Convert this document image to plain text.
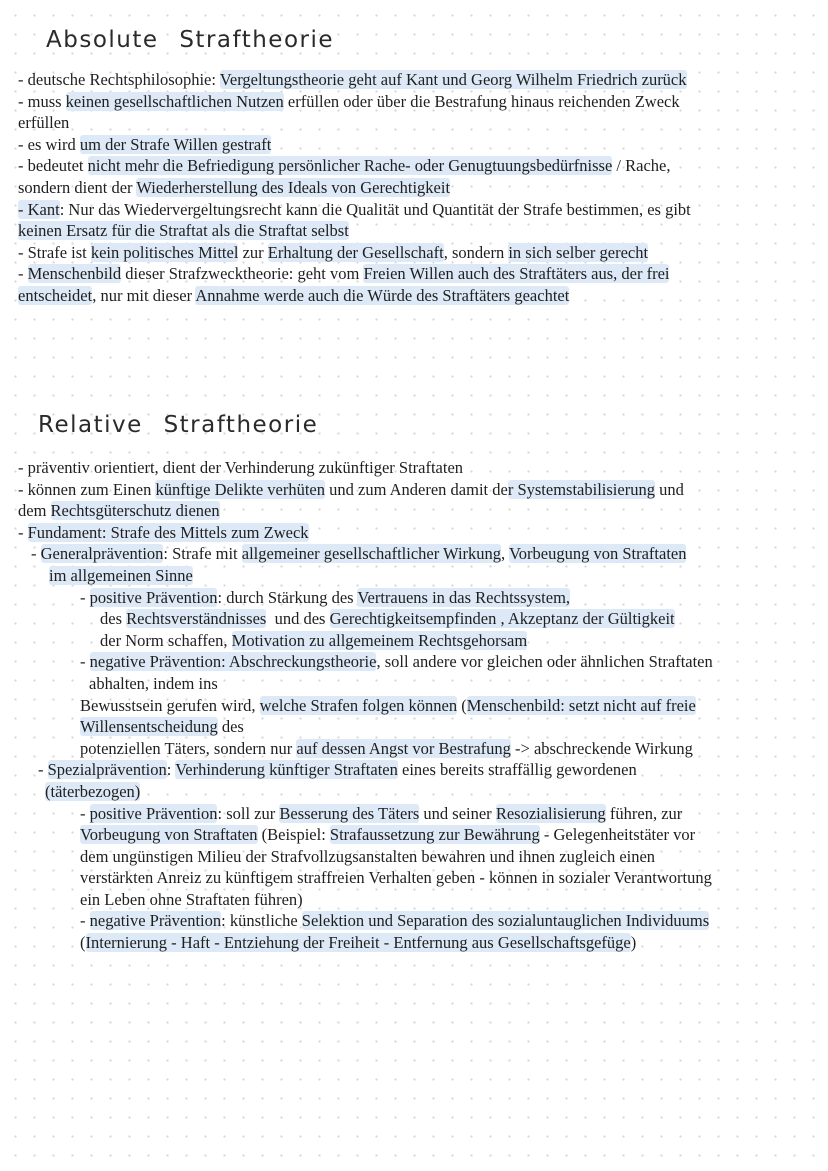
Absolute Straftheorie
- deutsche Rechtsphilosophie: Vergeltungstheorie geht auf Kant und Georg Wilhelm Friedrich zurück
- muss keinen gesellschaftlichen Nutzen erfüllen oder über die Bestrafung hinaus reichenden Zweck
erfüllen
- es wird um der Strafe Willen gestraft
- bedeutet nicht mehr die Befriedigung persönlicher Rache- oder Genugtuungsbedürfnisse / Rache,
sondern dient der Wiederherstellung des Ideals von Gerechtigkeit
- Kant: Nur das Wiedervergeltungsrecht kann die Qualität und Quantität der Strafe bestimmen, es gibt
keinen Ersatz für die Straftat als die Straftat selbst
- Strafe ist kein politisches Mittel zur Erhaltung der Gesellschaft, sondern in sich selber gerecht
- Menschenbild dieser Strafzwecktheorie: geht vom Freien Willen auch des Straftäters aus, der frei
entscheidet, nur mit dieser Annahme werde auch die Würde des Straftäters geachtet
Relative Straftheorie
- präventiv orientiert, dient der Verhinderung zukünftiger Straftaten
- können zum Einen künftige Delikte verhüten und zum Anderen damit der Systemstabilisierung und
dem Rechtsgüterschutz dienen
- Fundament: Strafe des Mittels zum Zweck
- Generalprävention: Strafe mit allgemeiner gesellschaftlicher Wirkung, Vorbeugung von Straftaten
im allgemeinen Sinne
- positive Prävention: durch Stärkung des Vertrauens in das Rechtssystem,
des Rechtsverständnisses  und des Gerechtigkeitsempfinden , Akzeptanz der Gültigkeit
der Norm schaffen, Motivation zu allgemeinem Rechtsgehorsam
- negative Prävention: Abschreckungstheorie, soll andere vor gleichen oder ähnlichen Straftaten
abhalten, indem ins
Bewusstsein gerufen wird, welche Strafen folgen können (Menschenbild: setzt nicht auf freie
Willensentscheidung des
potenziellen Täters, sondern nur auf dessen Angst vor Bestrafung -> abschreckende Wirkung
- Spezialprävention: Verhinderung künftiger Straftaten eines bereits straffällig gewordenen
(täterbezogen)
- positive Prävention: soll zur Besserung des Täters und seiner Resozialisierung führen, zur
Vorbeugung von Straftaten (Beispiel: Strafaussetzung zur Bewährung - Gelegenheitstäter vor
dem ungünstigen Milieu der Strafvollzugsanstalten bewahren und ihnen zugleich einen
verstärkten Anreiz zu künftigem straffreien Verhalten geben - können in sozialer Verantwortung
ein Leben ohne Straftaten führen)
- negative Prävention: künstliche Selektion und Separation des sozialuntauglichen Individuums
(Internierung - Haft - Entziehung der Freiheit - Entfernung aus Gesellschaftsgefüge)
